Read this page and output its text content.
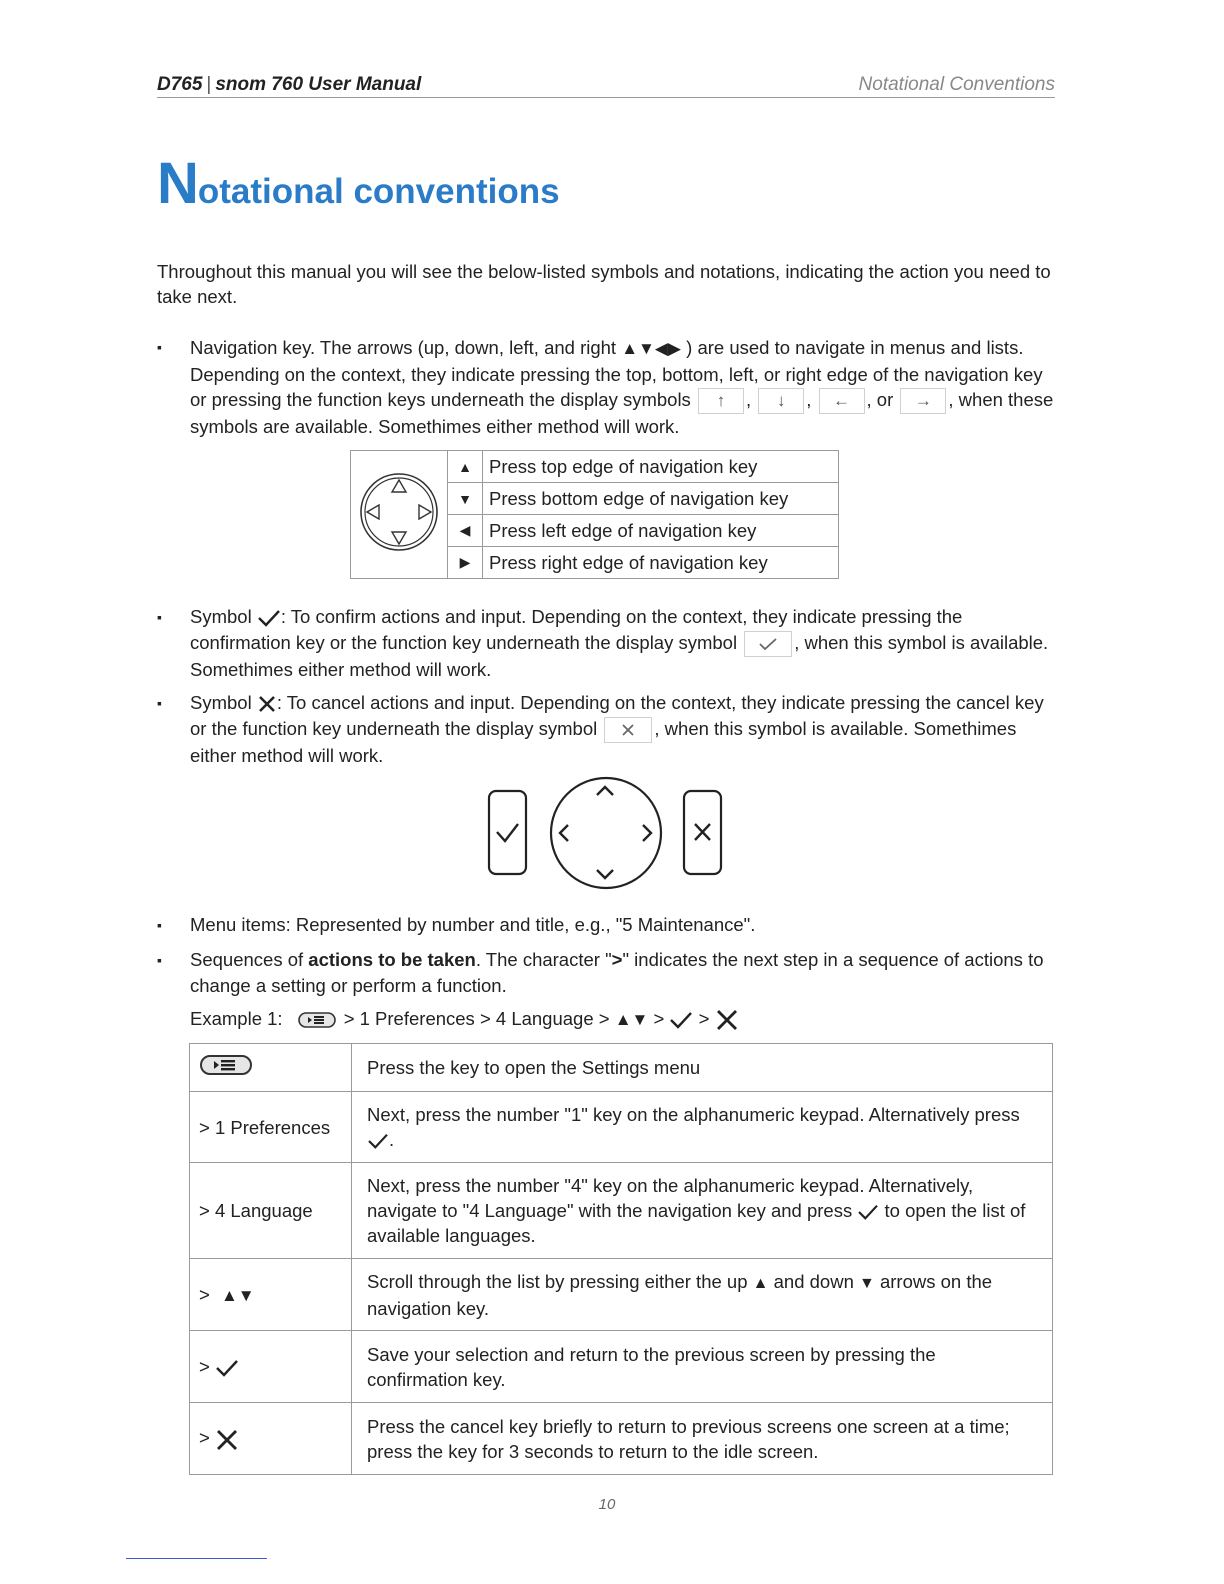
D765 | snom 760 User Manual	Notational Conventions
Notational conventions
Throughout this manual you will see the below-listed symbols and notations, indicating the action you need to take next.
▪ Navigation key. The arrows (up, down, left, and right ▲▼◀▶ ) are used to navigate in menus and lists. Depending on the context, they indicate pressing the top, bottom, left, or right edge of the navigation key or pressing the function keys underneath the display symbols ↑ , ↓ , ← , or → , when these symbols are available. Somethimes either method will work.
	▲	Press top edge of navigation key
	▼	Press bottom edge of navigation key
	◀	Press left edge of navigation key
	▶	Press right edge of navigation key
▪ Symbol : To confirm actions and input. Depending on the context, they indicate pressing the confirmation key or the function key underneath the display symbol	, when this symbol is available. Somethimes either method will work.
▪ Symbol : To cancel actions and input. Depending on the context, they indicate pressing the cancel key or the function key underneath the display symbol	, when this symbol is available. Somethimes either method will work.
▪ Menu items: Represented by number and title, e.g., "5 Maintenance".
▪ Sequences of actions to be taken. The character ">" indicates the next step in a sequence of actions to change a setting or perform a function.
Example 1:	> 1 Preferences > 4 Language > ▲▼ >  >
	Press the key to open the Settings menu
> 1 Preferences	Next, press the number "1" key on the alphanumeric keypad. Alternatively press .
> 4 Language	Next, press the number "4" key on the alphanumeric keypad. Alternatively, navigate to "4 Language" with the navigation key and press  to open the list of available languages.
> ▲▼	Scroll through the list by pressing either the up ▲ and down ▼ arrows on the navigation key.
>	Save your selection and return to the previous screen by pressing the confirmation key.
>	Press the cancel key briefly to return to previous screens one screen at a time; press the key for 3 seconds to return to the idle screen.
10
